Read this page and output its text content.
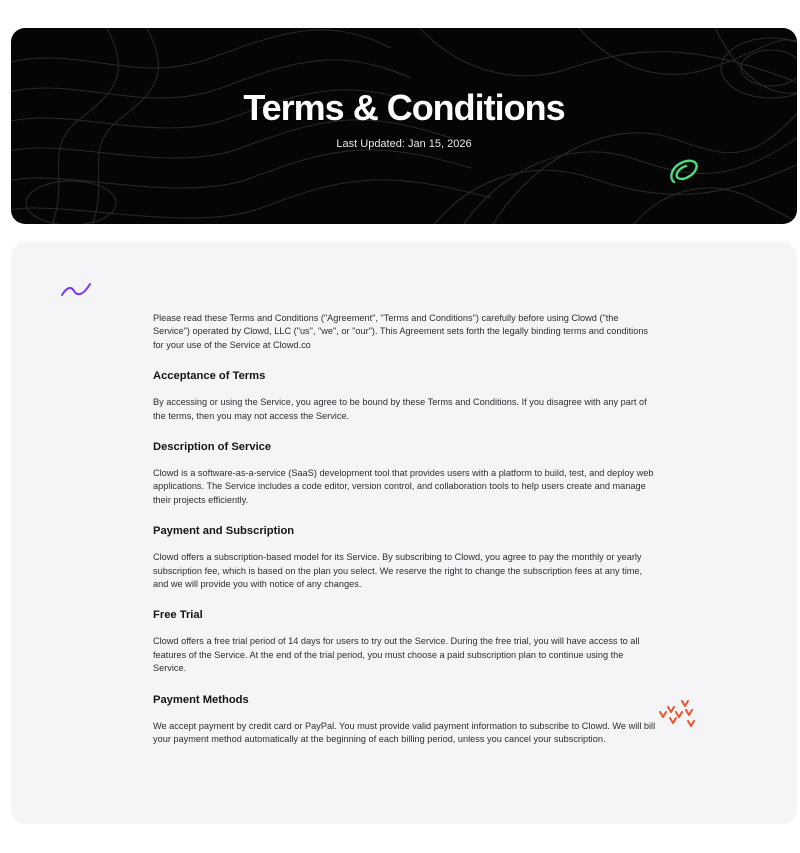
Terms & Conditions
Last Updated: Jan 15, 2026

Please read these Terms and Conditions ("Agreement", "Terms and Conditions") carefully before using Clowd ("the Service") operated by Clowd, LLC ("us", "we", or "our"). This Agreement sets forth the legally binding terms and conditions for your use of the Service at Clowd.co

Acceptance of Terms

By accessing or using the Service, you agree to be bound by these Terms and Conditions. If you disagree with any part of the terms, then you may not access the Service.

Description of Service

Clowd is a software-as-a-service (SaaS) development tool that provides users with a platform to build, test, and deploy web applications. The Service includes a code editor, version control, and collaboration tools to help users create and manage their projects efficiently.

Payment and Subscription

Clowd offers a subscription-based model for its Service. By subscribing to Clowd, you agree to pay the monthly or yearly subscription fee, which is based on the plan you select. We reserve the right to change the subscription fees at any time, and we will provide you with notice of any changes.

Free Trial

Clowd offers a free trial period of 14 days for users to try out the Service. During the free trial, you will have access to all features of the Service. At the end of the trial period, you must choose a paid subscription plan to continue using the Service.

Payment Methods

We accept payment by credit card or PayPal. You must provide valid payment information to subscribe to Clowd. We will bill your payment method automatically at the beginning of each billing period, unless you cancel your subscription.
